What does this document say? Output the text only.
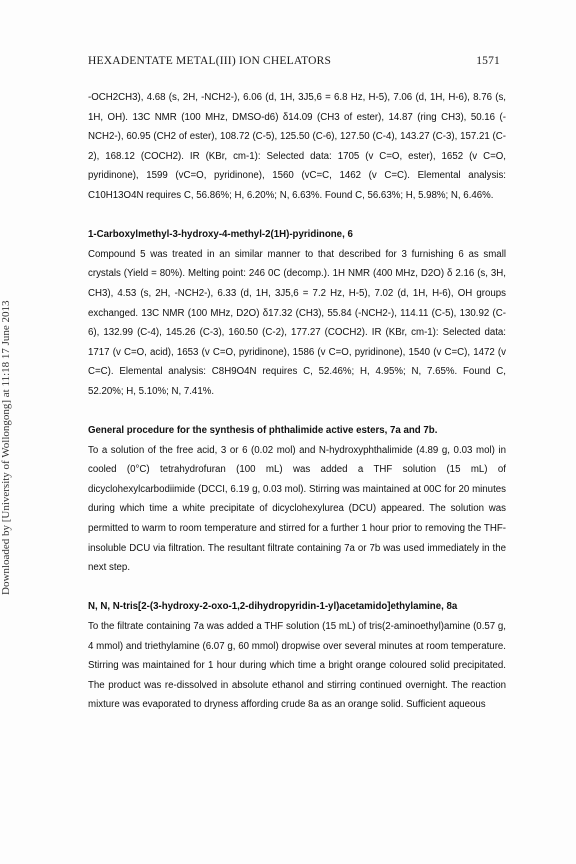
HEXADENTATE METAL(III) ION CHELATORS	1571
Downloaded by [University of Wollongong] at 11:18 17 June 2013

-OCH2CH3), 4.68 (s, 2H, -NCH2-), 6.06 (d, 1H, 3J5,6 = 6.8 Hz, H-5), 7.06 (d, 1H, H-6), 8.76 (s, 1H, OH). 13C NMR (100 MHz, DMSO-d6) δ14.09 (CH3 of ester), 14.87 (ring CH3), 50.16 (-NCH2-), 60.95 (CH2 of ester), 108.72 (C-5), 125.50 (C-6), 127.50 (C-4), 143.27 (C-3), 157.21 (C-2), 168.12 (COCH2). IR (KBr, cm-1): Selected data: 1705 (v C=O, ester), 1652 (v C=O, pyridinone), 1599 (vC=O, pyridinone), 1560 (vC=C, 1462 (v C=C). Elemental analysis: C10H13O4N requires C, 56.86%; H, 6.20%; N, 6.63%. Found C, 56.63%; H, 5.98%; N, 6.46%.

1-Carboxylmethyl-3-hydroxy-4-methyl-2(1H)-pyridinone, 6

Compound 5 was treated in an similar manner to that described for 3 furnishing 6 as small crystals (Yield = 80%). Melting point: 246 0C (decomp.). 1H NMR (400 MHz, D2O) δ 2.16 (s, 3H, CH3), 4.53 (s, 2H, -NCH2-), 6.33 (d, 1H, 3J5,6 = 7.2 Hz, H-5), 7.02 (d, 1H, H-6), OH groups exchanged. 13C NMR (100 MHz, D2O) δ17.32 (CH3), 55.84 (-NCH2-), 114.11 (C-5), 130.92 (C-6), 132.99 (C-4), 145.26 (C-3), 160.50 (C-2), 177.27 (COCH2). IR (KBr, cm-1): Selected data: 1717 (v C=O, acid), 1653 (v C=O, pyridinone), 1586 (v C=O, pyridinone), 1540 (v C=C), 1472 (v C=C). Elemental analysis: C8H9O4N requires C, 52.46%; H, 4.95%; N, 7.65%. Found C, 52.20%; H, 5.10%; N, 7.41%.

General procedure for the synthesis of phthalimide active esters, 7a and 7b.

To a solution of the free acid, 3 or 6 (0.02 mol) and N-hydroxyphthalimide (4.89 g, 0.03 mol) in cooled (0°C) tetrahydrofuran (100 mL) was added a THF solution (15 mL) of dicyclohexylcarbodiimide (DCCI, 6.19 g, 0.03 mol). Stirring was maintained at 00C for 20 minutes during which time a white precipitate of dicyclohexylurea (DCU) appeared. The solution was permitted to warm to room temperature and stirred for a further 1 hour prior to removing the THF-insoluble DCU via filtration. The resultant filtrate containing 7a or 7b was used immediately in the next step.

N, N, N-tris[2-(3-hydroxy-2-oxo-1,2-dihydropyridin-1-yl)acetamido]ethylamine, 8a

To the filtrate containing 7a was added a THF solution (15 mL) of tris(2-aminoethyl)amine (0.57 g, 4 mmol) and triethylamine (6.07 g, 60 mmol) dropwise over several minutes at room temperature. Stirring was maintained for 1 hour during which time a bright orange coloured solid precipitated. The product was re-dissolved in absolute ethanol and stirring continued overnight. The reaction mixture was evaporated to dryness affording crude 8a as an orange solid. Sufficient aqueous
